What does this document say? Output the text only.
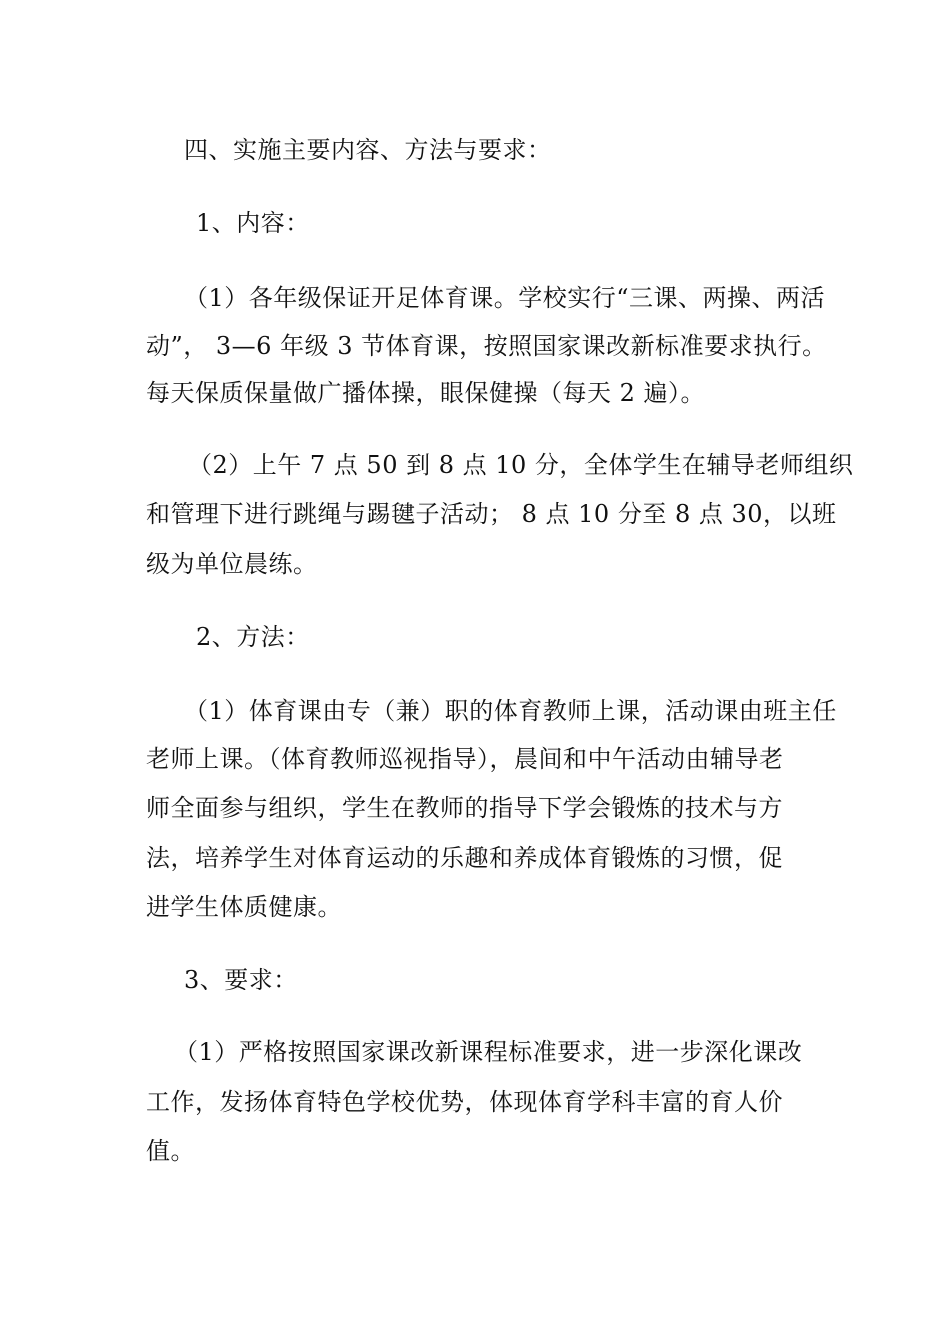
四、实施主要内容、方法与要求：
1、内容：
（1）各年级保证开足体育课。学校实行“三课、两操、两活
动”， 3—6 年级 3 节体育课，按照国家课改新标准要求执行。
每天保质保量做广播体操，眼保健操（每天 2 遍）。
（2）上午 7 点 50 到 8 点 10 分，全体学生在辅导老师组织
和管理下进行跳绳与踢毽子活动； 8 点 10 分至 8 点 30，以班
级为单位晨练。
2、方法：
（1）体育课由专（兼）职的体育教师上课，活动课由班主任
老师上课。（体育教师巡视指导），晨间和中午活动由辅导老
师全面参与组织，学生在教师的指导下学会锻炼的技术与方
法，培养学生对体育运动的乐趣和养成体育锻炼的习惯，促
进学生体质健康。
3、要求：
（1）严格按照国家课改新课程标准要求，进一步深化课改
工作，发扬体育特色学校优势，体现体育学科丰富的育人价
值。
